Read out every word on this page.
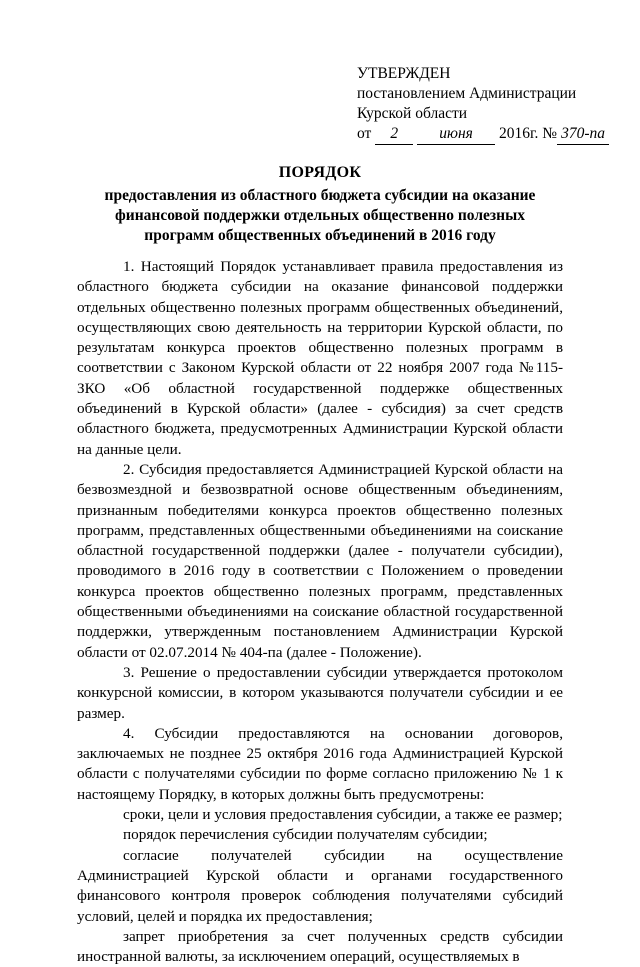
УТВЕРЖДЕН
постановлением Администрации
Курской области
от 2	июня 2016г. № 370-па
ПОРЯДОК
предоставления из областного бюджета субсидии на оказание финансовой поддержки отдельных общественно полезных программ общественных объединений в 2016 году

1. Настоящий Порядок устанавливает правила предоставления из областного бюджета субсидии на оказание финансовой поддержки отдельных общественно полезных программ общественных объединений, осуществляющих свою деятельность на территории Курской области, по результатам конкурса проектов общественно полезных программ в соответствии с Законом Курской области от 22 ноября 2007 года №115-ЗКО «Об областной государственной поддержке общественных объединений в Курской области» (далее - субсидия) за счет средств областного бюджета, предусмотренных Администрации Курской области на данные цели.

2. Субсидия предоставляется Администрацией Курской области на безвозмездной и безвозвратной основе общественным объединениям, признанным победителями конкурса проектов общественно полезных программ, представленных общественными объединениями на соискание областной государственной поддержки (далее - получатели субсидии), проводимого в 2016 году в соответствии с Положением о проведении конкурса проектов общественно полезных программ, представленных общественными объединениями на соискание областной государственной поддержки, утвержденным постановлением Администрации Курской области от 02.07.2014 № 404-па (далее - Положение).

3. Решение о предоставлении субсидии утверждается протоколом конкурсной комиссии, в котором указываются получатели субсидии и ее размер.

4. Субсидии предоставляются на основании договоров, заключаемых не позднее 25 октября 2016 года Администрацией Курской области с получателями субсидии по форме согласно приложению № 1 к настоящему Порядку, в которых должны быть предусмотрены:

сроки, цели и условия предоставления субсидии, а также ее размер;

порядок перечисления субсидии получателям субсидии;

согласие получателей субсидии на осуществление Администрацией Курской области и органами государственного финансового контроля проверок соблюдения получателями субсидий условий, целей и порядка их предоставления;

запрет приобретения за счет полученных средств субсидии иностранной валюты, за исключением операций, осуществляемых в
